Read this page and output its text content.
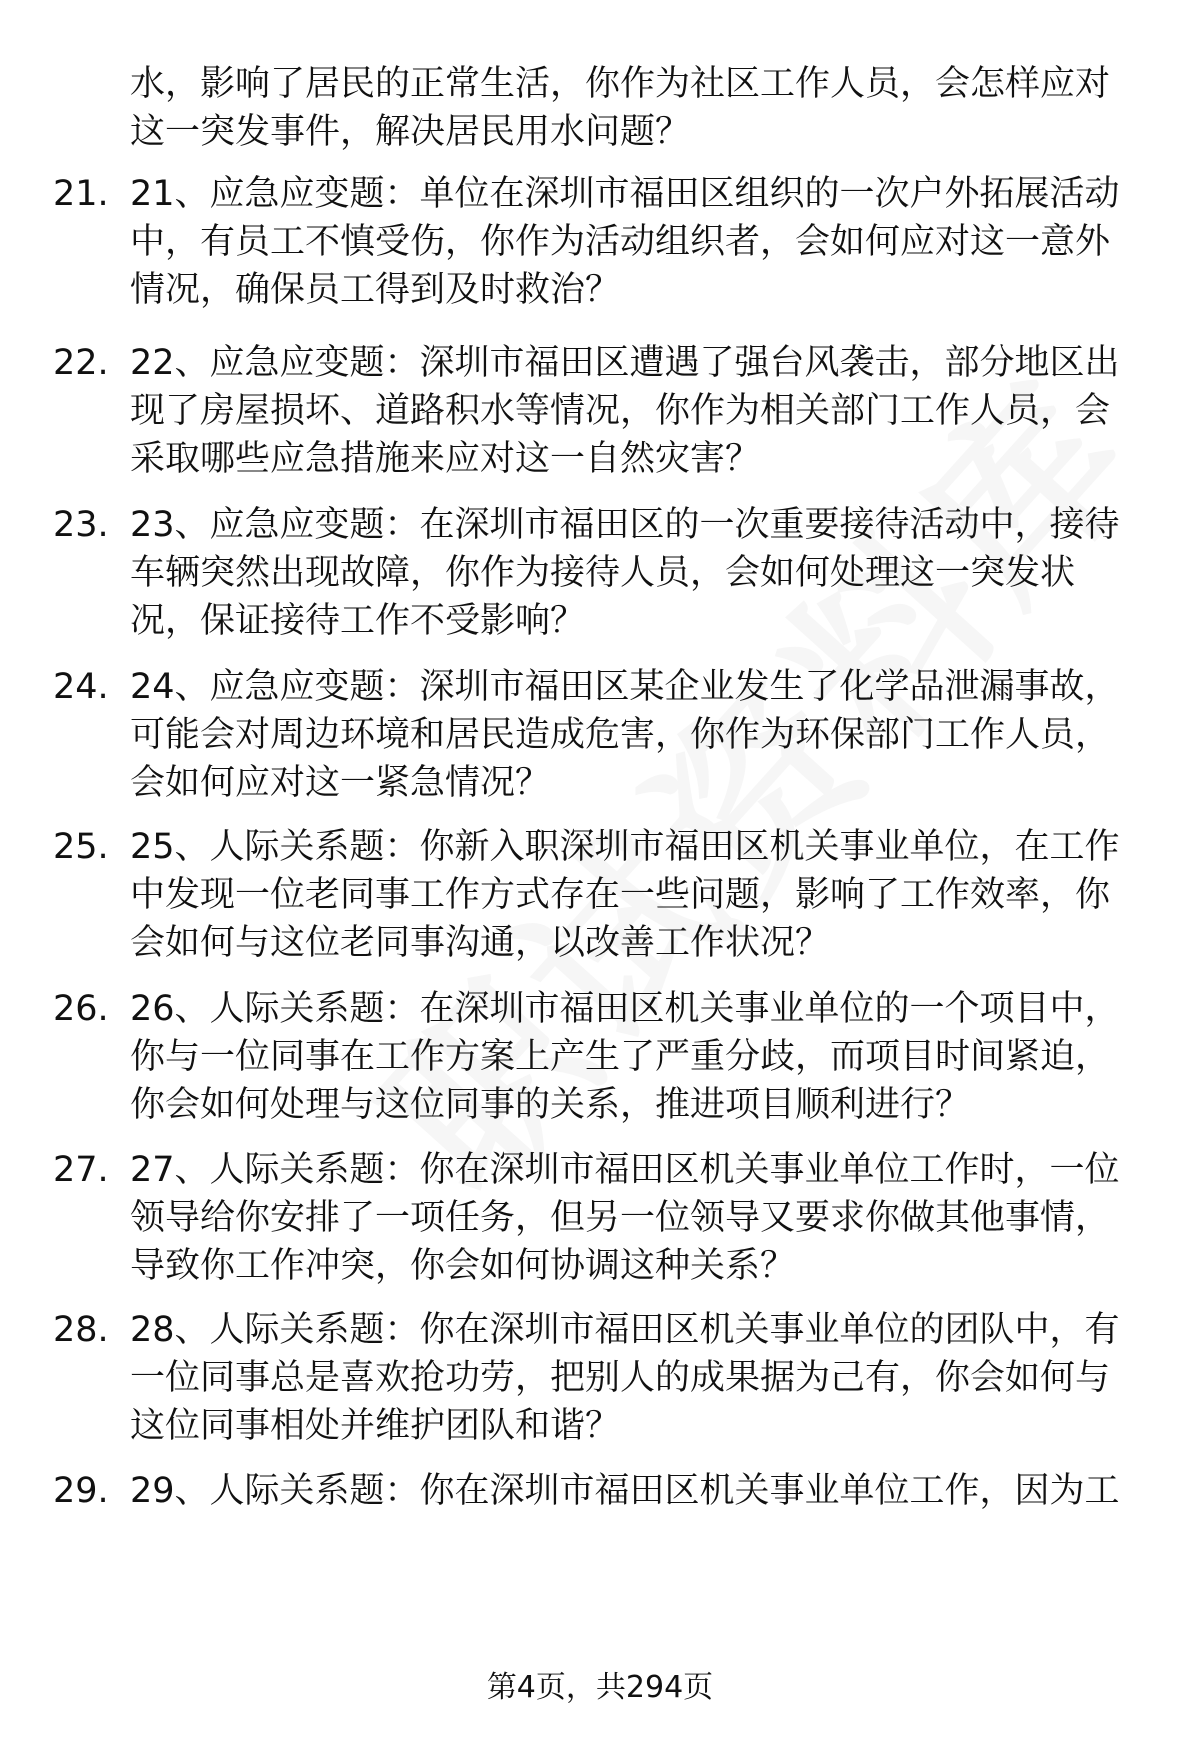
水，影响了居民的正常生活，你作为社区工作人员，会怎样应对这一突发事件，解决居民用水问题？
21. 21、应急应变题：单位在深圳市福田区组织的一次户外拓展活动中，有员工不慎受伤，你作为活动组织者，会如何应对这一意外情况，确保员工得到及时救治？
22. 22、应急应变题：深圳市福田区遭遇了强台风袭击，部分地区出现了房屋损坏、道路积水等情况，你作为相关部门工作人员，会采取哪些应急措施来应对这一自然灾害？
23. 23、应急应变题：在深圳市福田区的一次重要接待活动中，接待车辆突然出现故障，你作为接待人员，会如何处理这一突发状况，保证接待工作不受影响？
24. 24、应急应变题：深圳市福田区某企业发生了化学品泄漏事故，可能会对周边环境和居民造成危害，你作为环保部门工作人员，会如何应对这一紧急情况？
25. 25、人际关系题：你新入职深圳市福田区机关事业单位，在工作中发现一位老同事工作方式存在一些问题，影响了工作效率，你会如何与这位老同事沟通，以改善工作状况？
26. 26、人际关系题：在深圳市福田区机关事业单位的一个项目中，你与一位同事在工作方案上产生了严重分歧，而项目时间紧迫，你会如何处理与这位同事的关系，推进项目顺利进行？
27. 27、人际关系题：你在深圳市福田区机关事业单位工作时，一位领导给你安排了一项任务，但另一位领导又要求你做其他事情，导致你工作冲突，你会如何协调这种关系？
28. 28、人际关系题：你在深圳市福田区机关事业单位的团队中，有一位同事总是喜欢抢功劳，把别人的成果据为己有，你会如何与这位同事相处并维护团队和谐？
29. 29、人际关系题：你在深圳市福田区机关事业单位工作，因为工
第4页，共294页
